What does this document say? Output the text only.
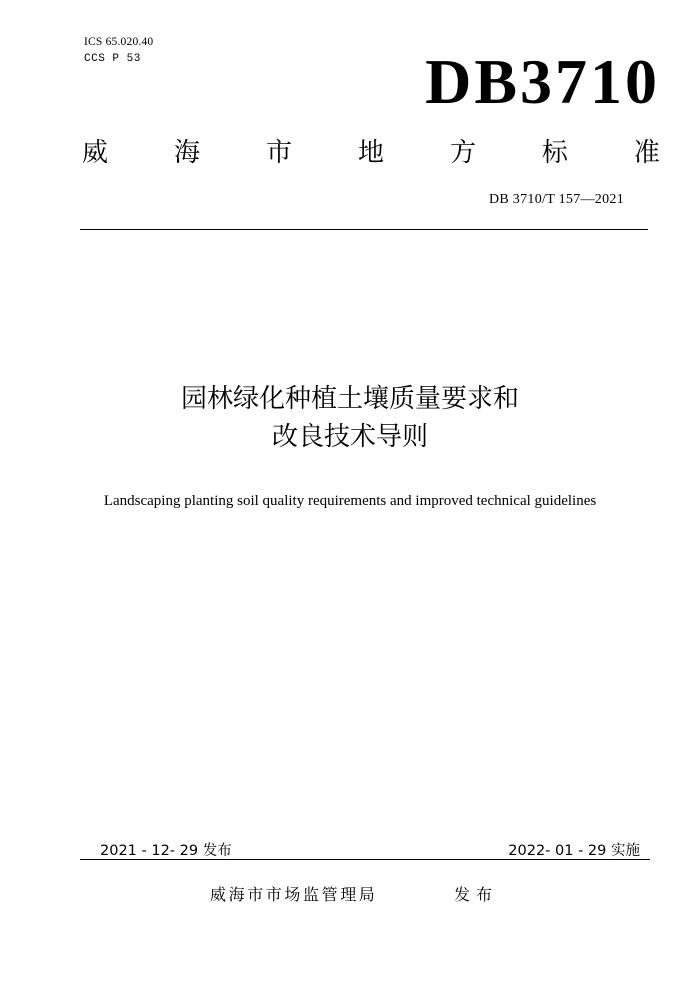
ICS 65.020.40
CCS P 53	DB3710
威	海	市	地	方	标	准
DB 3710/T 157—2021
园林绿化种植土壤质量要求和
改良技术导则
Landscaping planting soil quality requirements and improved technical guidelines
2021 - 12- 29 发布	2022- 01 - 29 实施
威海市市场监管理局	发布
